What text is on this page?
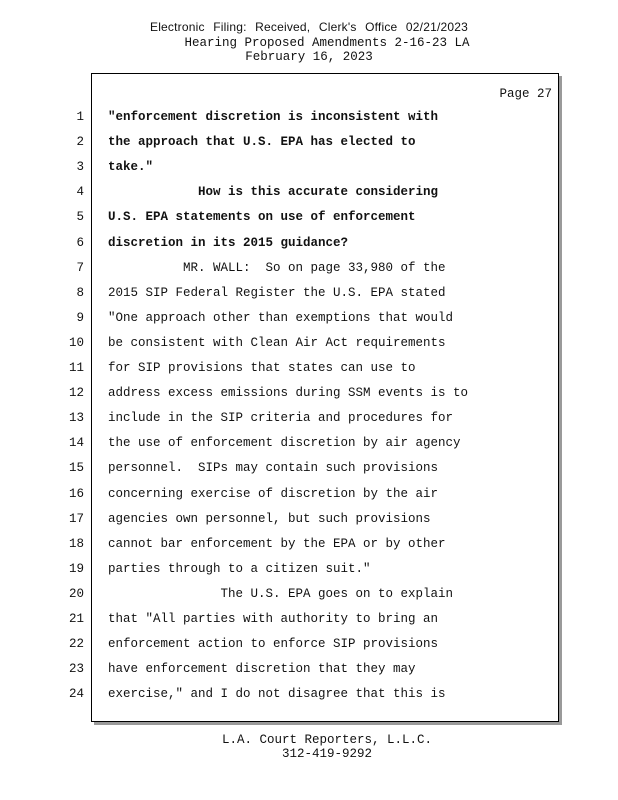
Electronic Filing: Received, Clerk's Office 02/21/2023
Hearing Proposed Amendments 2-16-23 LA
February 16, 2023
Page 27
1 "enforcement discretion is inconsistent with
2 the approach that U.S. EPA has elected to
3 take."
4 How is this accurate considering
5 U.S. EPA statements on use of enforcement
6 discretion in its 2015 guidance?
7 MR. WALL:  So on page 33,980 of the
8 2015 SIP Federal Register the U.S. EPA stated
9 "One approach other than exemptions that would
10 be consistent with Clean Air Act requirements
11 for SIP provisions that states can use to
12 address excess emissions during SSM events is to
13 include in the SIP criteria and procedures for
14 the use of enforcement discretion by air agency
15 personnel.  SIPs may contain such provisions
16 concerning exercise of discretion by the air
17 agencies own personnel, but such provisions
18 cannot bar enforcement by the EPA or by other
19 parties through to a citizen suit."
20 The U.S. EPA goes on to explain
21 that "All parties with authority to bring an
22 enforcement action to enforce SIP provisions
23 have enforcement discretion that they may
24 exercise," and I do not disagree that this is
L.A. Court Reporters, L.L.C.
312-419-9292
